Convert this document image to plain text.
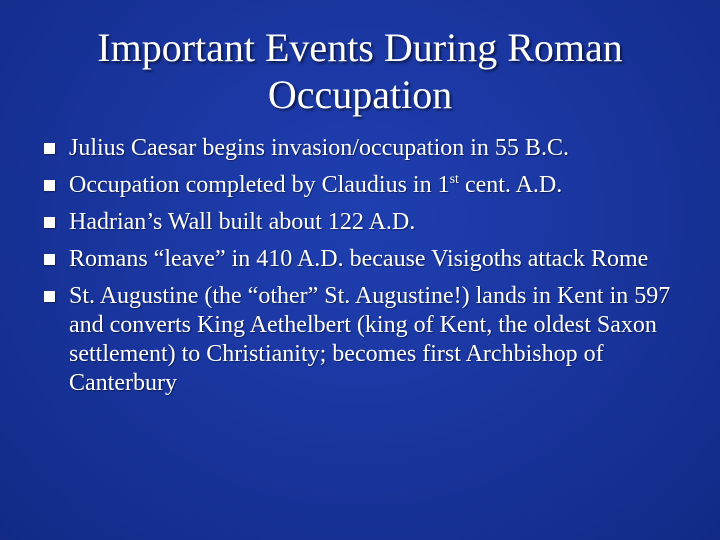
Important Events During Roman
Occupation
Julius Caesar begins invasion/occupation in 55 B.C.
Occupation completed by Claudius in 1st cent. A.D.
Hadrian’s Wall built about 122 A.D.
Romans “leave” in 410 A.D. because Visigoths attack Rome
St. Augustine (the “other” St. Augustine!) lands in Kent in 597 and converts King Aethelbert (king of Kent, the oldest Saxon settlement) to Christianity; becomes first Archbishop of Canterbury
